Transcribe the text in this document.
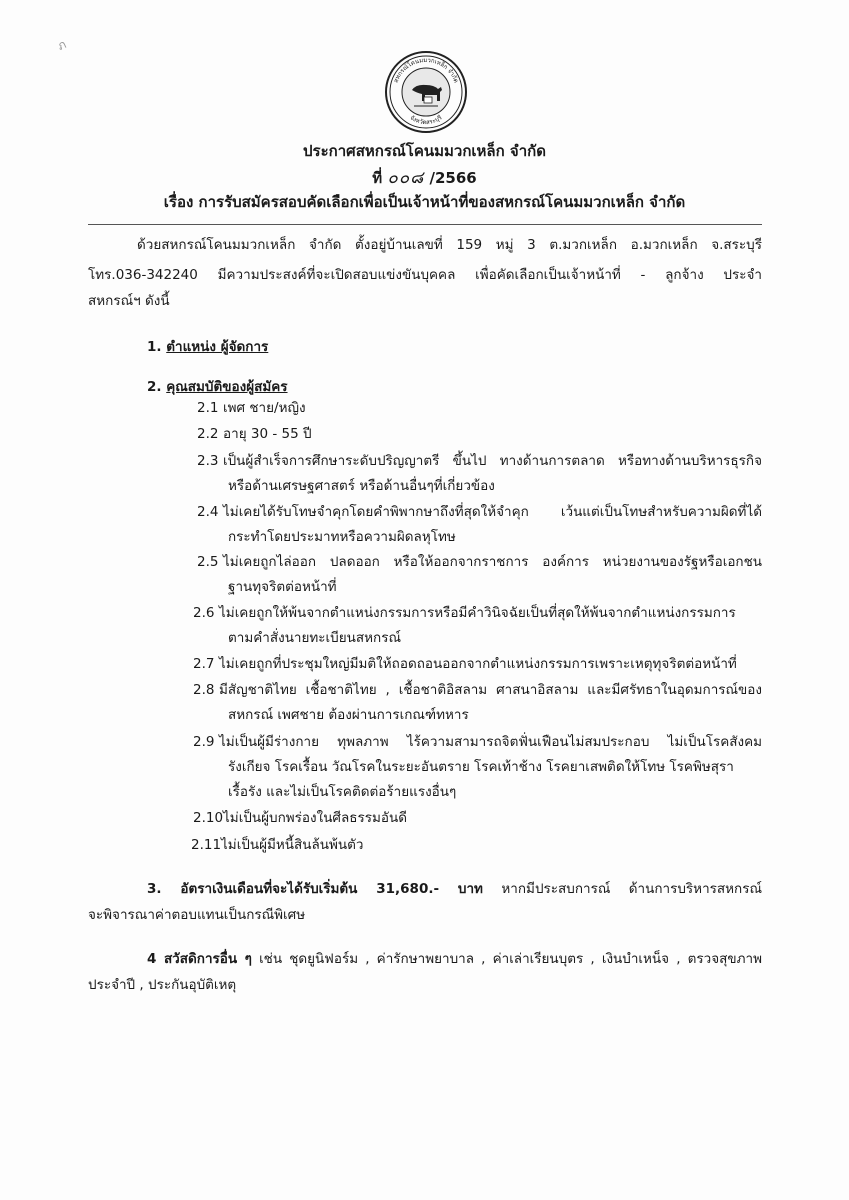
ภ
สหกรณ์โคนมมวกเหล็ก จำกัด
จังหวัดสระบุรี
ประกาศสหกรณ์โคนมมวกเหล็ก จำกัด
ที่ ๐๐๘ /2566
เรื่อง การรับสมัครสอบคัดเลือกเพื่อเป็นเจ้าหน้าที่ของสหกรณ์โคนมมวกเหล็ก จำกัด
ด้วยสหกรณ์โคนมมวกเหล็ก จำกัด ตั้งอยู่บ้านเลขที่ 159 หมู่ 3 ต.มวกเหล็ก อ.มวกเหล็ก จ.สระบุรี
โทร.036-342240 มีความประสงค์ที่จะเปิดสอบแข่งขันบุคคล เพื่อคัดเลือกเป็นเจ้าหน้าที่ - ลูกจ้าง ประจำ
สหกรณ์ฯ ดังนี้
1. ตำแหน่ง ผู้จัดการ
2. คุณสมบัติของผู้สมัคร
2.1 เพศ ชาย/หญิง
2.2 อายุ 30 - 55 ปี
2.3 เป็นผู้สำเร็จการศึกษาระดับปริญญาตรี ขึ้นไป ทางด้านการตลาด หรือทางด้านบริหารธุรกิจ
หรือด้านเศรษฐศาสตร์ หรือด้านอื่นๆที่เกี่ยวข้อง
2.4 ไม่เคยได้รับโทษจำคุกโดยคำพิพากษาถึงที่สุดให้จำคุก เว้นแต่เป็นโทษสำหรับความผิดที่ได้
กระทำโดยประมาทหรือความผิดลหุโทษ
2.5 ไม่เคยถูกไล่ออก ปลดออก หรือให้ออกจากราชการ องค์การ หน่วยงานของรัฐหรือเอกชน
ฐานทุจริตต่อหน้าที่
2.6 ไม่เคยถูกให้พ้นจากตำแหน่งกรรมการหรือมีคำวินิจฉัยเป็นที่สุดให้พ้นจากตำแหน่งกรรมการ
ตามคำสั่งนายทะเบียนสหกรณ์
2.7 ไม่เคยถูกที่ประชุมใหญ่มีมติให้ถอดถอนออกจากตำแหน่งกรรมการเพราะเหตุทุจริตต่อหน้าที่
2.8 มีสัญชาติไทย เชื้อชาติไทย , เชื้อชาติอิสลาม ศาสนาอิสลาม และมีศรัทธาในอุดมการณ์ของ
สหกรณ์ เพศชาย ต้องผ่านการเกณฑ์ทหาร
2.9 ไม่เป็นผู้มีร่างกาย ทุพลภาพ ไร้ความสามารถจิตฟั่นเฟือนไม่สมประกอบ ไม่เป็นโรคสังคม
รังเกียจ โรคเรื้อน วัณโรคในระยะอันตราย โรคเท้าช้าง โรคยาเสพติดให้โทษ โรคพิษสุรา
เรื้อรัง และไม่เป็นโรคติดต่อร้ายแรงอื่นๆ
2.10 ไม่เป็นผู้บกพร่องในศีลธรรมอันดี
2.11 ไม่เป็นผู้มีหนี้สินล้นพ้นตัว
3. อัตราเงินเดือนที่จะได้รับเริ่มต้น 31,680.- บาท หากมีประสบการณ์ ด้านการบริหารสหกรณ์
จะพิจารณาค่าตอบแทนเป็นกรณีพิเศษ
4 สวัสดิการอื่น ๆ เช่น ชุดยูนิฟอร์ม , ค่ารักษาพยาบาล , ค่าเล่าเรียนบุตร , เงินบำเหน็จ , ตรวจสุขภาพ
ประจำปี , ประกันอุบัติเหตุ
